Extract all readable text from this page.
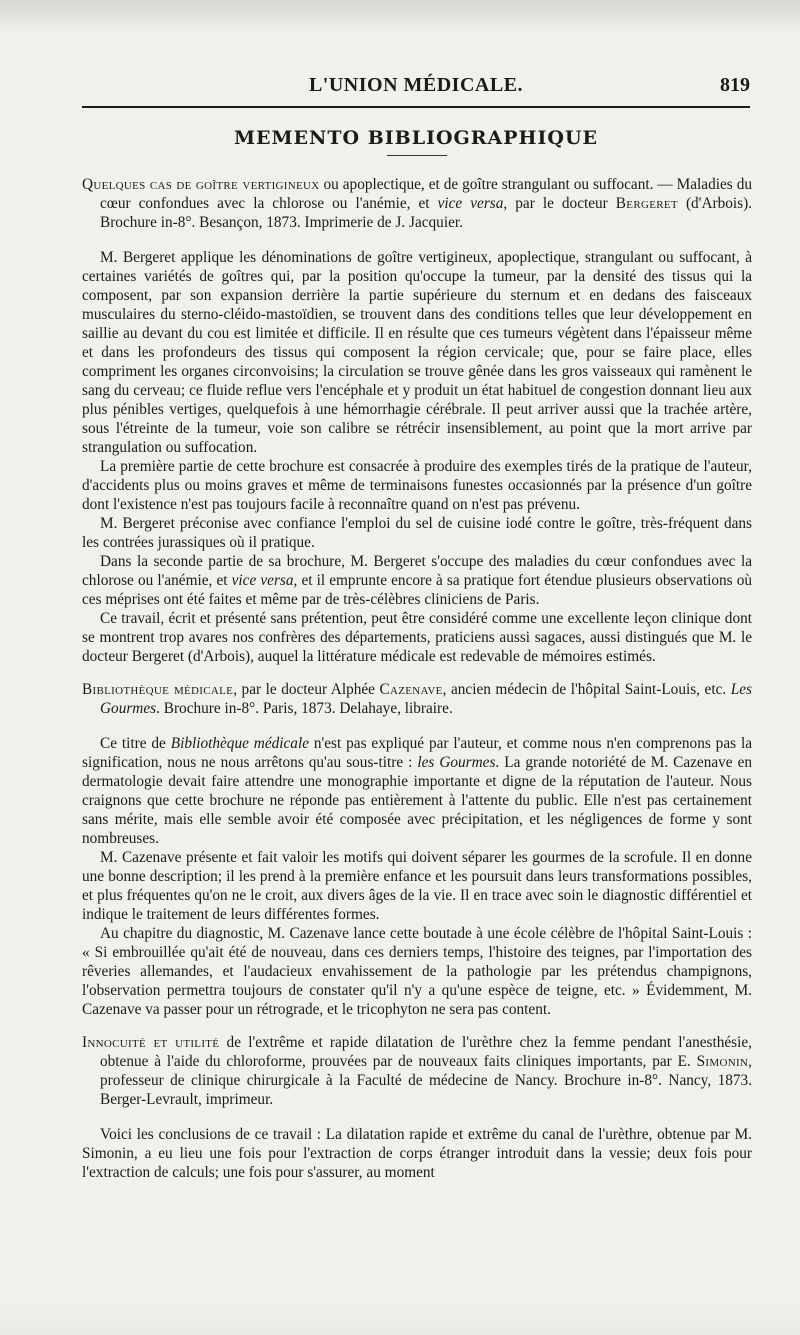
L'UNION MÉDICALE.	819
MEMENTO BIBLIOGRAPHIQUE

Quelques cas de goître vertigineux ou apoplectique, et de goître strangulant ou suffocant. — Maladies du cœur confondues avec la chlorose ou l'anémie, et vice versa, par le docteur Bergeret (d'Arbois). Brochure in-8°. Besançon, 1873. Imprimerie de J. Jacquier.

M. Bergeret applique les dénominations de goître vertigineux, apoplectique, strangulant ou suffocant, à certaines variétés de goîtres qui, par la position qu'occupe la tumeur, par la densité des tissus qui la composent, par son expansion derrière la partie supérieure du sternum et en dedans des faisceaux musculaires du sterno-cléido-mastoïdien, se trouvent dans des conditions telles que leur développement en saillie au devant du cou est limitée et difficile. Il en résulte que ces tumeurs végètent dans l'épaisseur même et dans les profondeurs des tissus qui composent la région cervicale; que, pour se faire place, elles compriment les organes circonvoisins; la circulation se trouve gênée dans les gros vaisseaux qui ramènent le sang du cerveau; ce fluide reflue vers l'encéphale et y produit un état habituel de congestion donnant lieu aux plus pénibles vertiges, quelquefois à une hémorrhagie cérébrale. Il peut arriver aussi que la trachée artère, sous l'étreinte de la tumeur, voie son calibre se rétrécir insensiblement, au point que la mort arrive par strangulation ou suffocation.

La première partie de cette brochure est consacrée à produire des exemples tirés de la pratique de l'auteur, d'accidents plus ou moins graves et même de terminaisons funestes occasionnés par la présence d'un goître dont l'existence n'est pas toujours facile à reconnaître quand on n'est pas prévenu.

M. Bergeret préconise avec confiance l'emploi du sel de cuisine iodé contre le goître, très-fréquent dans les contrées jurassiques où il pratique.

Dans la seconde partie de sa brochure, M. Bergeret s'occupe des maladies du cœur confondues avec la chlorose ou l'anémie, et vice versa, et il emprunte encore à sa pratique fort étendue plusieurs observations où ces méprises ont été faites et même par de très-célèbres cliniciens de Paris.

Ce travail, écrit et présenté sans prétention, peut être considéré comme une excellente leçon clinique dont se montrent trop avares nos confrères des départements, praticiens aussi sagaces, aussi distingués que M. le docteur Bergeret (d'Arbois), auquel la littérature médicale est redevable de mémoires estimés.

Bibliothèque médicale, par le docteur Alphée Cazenave, ancien médecin de l'hôpital Saint-Louis, etc. Les Gourmes. Brochure in-8°. Paris, 1873. Delahaye, libraire.

Ce titre de Bibliothèque médicale n'est pas expliqué par l'auteur, et comme nous n'en comprenons pas la signification, nous ne nous arrêtons qu'au sous-titre : les Gourmes. La grande notoriété de M. Cazenave en dermatologie devait faire attendre une monographie importante et digne de la réputation de l'auteur. Nous craignons que cette brochure ne réponde pas entièrement à l'attente du public. Elle n'est pas certainement sans mérite, mais elle semble avoir été composée avec précipitation, et les négligences de forme y sont nombreuses.

M. Cazenave présente et fait valoir les motifs qui doivent séparer les gourmes de la scrofule. Il en donne une bonne description; il les prend à la première enfance et les poursuit dans leurs transformations possibles, et plus fréquentes qu'on ne le croit, aux divers âges de la vie. Il en trace avec soin le diagnostic différentiel et indique le traitement de leurs différentes formes.

Au chapitre du diagnostic, M. Cazenave lance cette boutade à une école célèbre de l'hôpital Saint-Louis : « Si embrouillée qu'ait été de nouveau, dans ces derniers temps, l'histoire des teignes, par l'importation des rêveries allemandes, et l'audacieux envahissement de la pathologie par les prétendus champignons, l'observation permettra toujours de constater qu'il n'y a qu'une espèce de teigne, etc. » Évidemment, M. Cazenave va passer pour un rétrograde, et le tricophyton ne sera pas content.

Innocuité et utilité de l'extrême et rapide dilatation de l'urèthre chez la femme pendant l'anesthésie, obtenue à l'aide du chloroforme, prouvées par de nouveaux faits cliniques importants, par E. Simonin, professeur de clinique chirurgicale à la Faculté de médecine de Nancy. Brochure in-8°. Nancy, 1873. Berger-Levrault, imprimeur.

Voici les conclusions de ce travail : La dilatation rapide et extrême du canal de l'urèthre, obtenue par M. Simonin, a eu lieu une fois pour l'extraction de corps étranger introduit dans la vessie; deux fois pour l'extraction de calculs; une fois pour s'assurer, au moment
